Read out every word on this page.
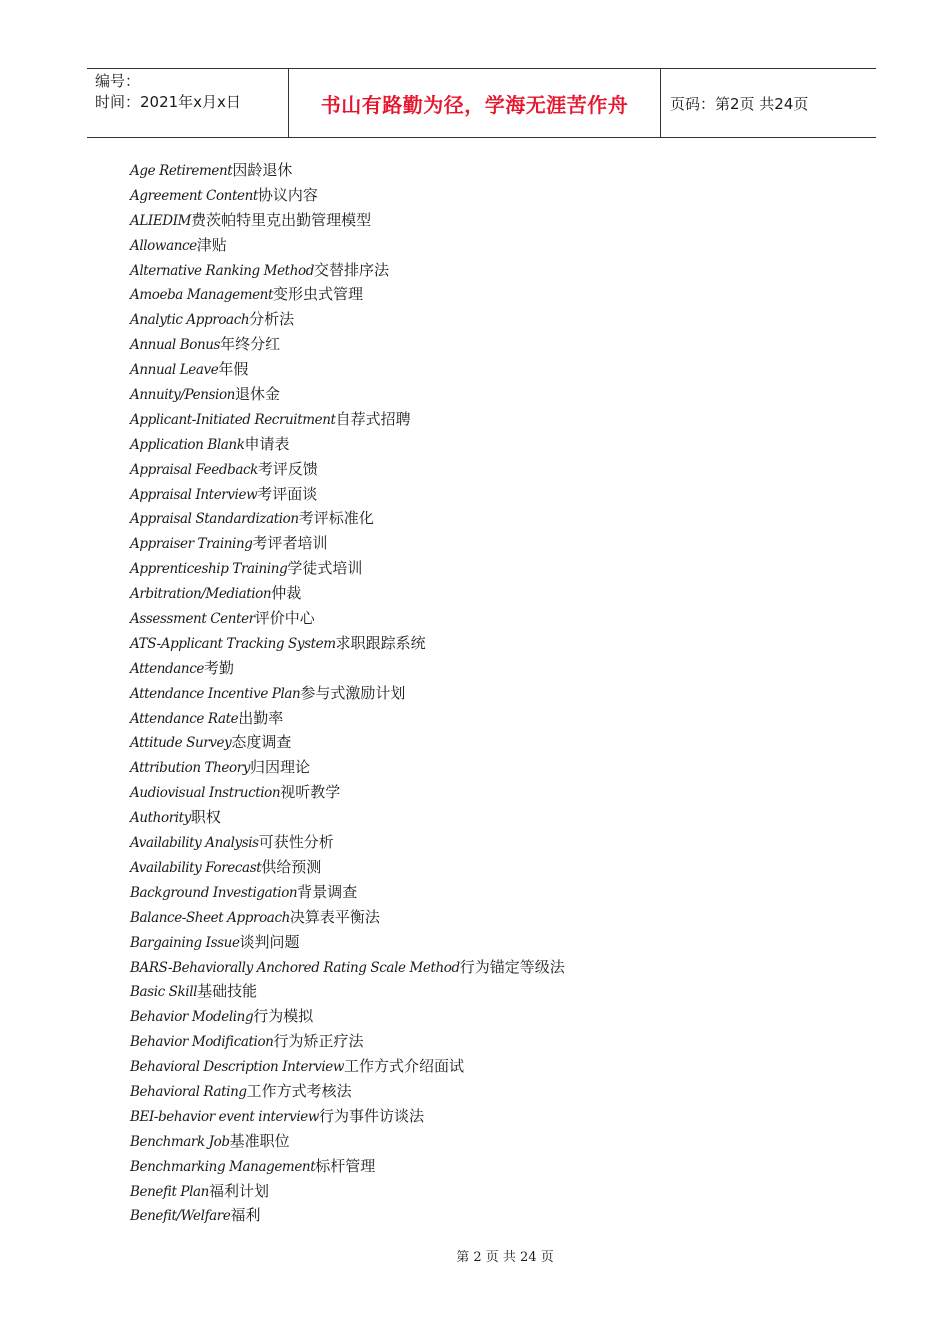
编号：
时间：2021年x月x日	书山有路勤为径，学海无涯苦作舟	页码：第2页 共24页
Age Retirement因龄退休
Agreement Content协议内容
ALIEDIM费茨帕特里克出勤管理模型
Allowance津贴
Alternative Ranking Method交替排序法
Amoeba Management变形虫式管理
Analytic Approach分析法
Annual Bonus年终分红
Annual Leave年假
Annuity/Pension退休金
Applicant-Initiated Recruitment自荐式招聘
Application Blank申请表
Appraisal Feedback考评反馈
Appraisal Interview考评面谈
Appraisal Standardization考评标准化
Appraiser Training考评者培训
Apprenticeship Training学徒式培训
Arbitration/Mediation仲裁
Assessment Center评价中心
ATS-Applicant Tracking System求职跟踪系统
Attendance考勤
Attendance Incentive Plan参与式激励计划
Attendance Rate出勤率
Attitude Survey态度调查
Attribution Theory归因理论
Audiovisual Instruction视听教学
Authority职权
Availability Analysis可获性分析
Availability Forecast供给预测
Background Investigation背景调查
Balance-Sheet Approach决算表平衡法
Bargaining Issue谈判问题
BARS-Behaviorally Anchored Rating Scale Method行为锚定等级法
Basic Skill基础技能
Behavior Modeling行为模拟
Behavior Modification行为矫正疗法
Behavioral Description Interview工作方式介绍面试
Behavioral Rating工作方式考核法
BEI-behavior event interview行为事件访谈法
Benchmark Job基准职位
Benchmarking Management标杆管理
Benefit Plan福利计划
Benefit/Welfare福利
第 2 页 共 24 页
